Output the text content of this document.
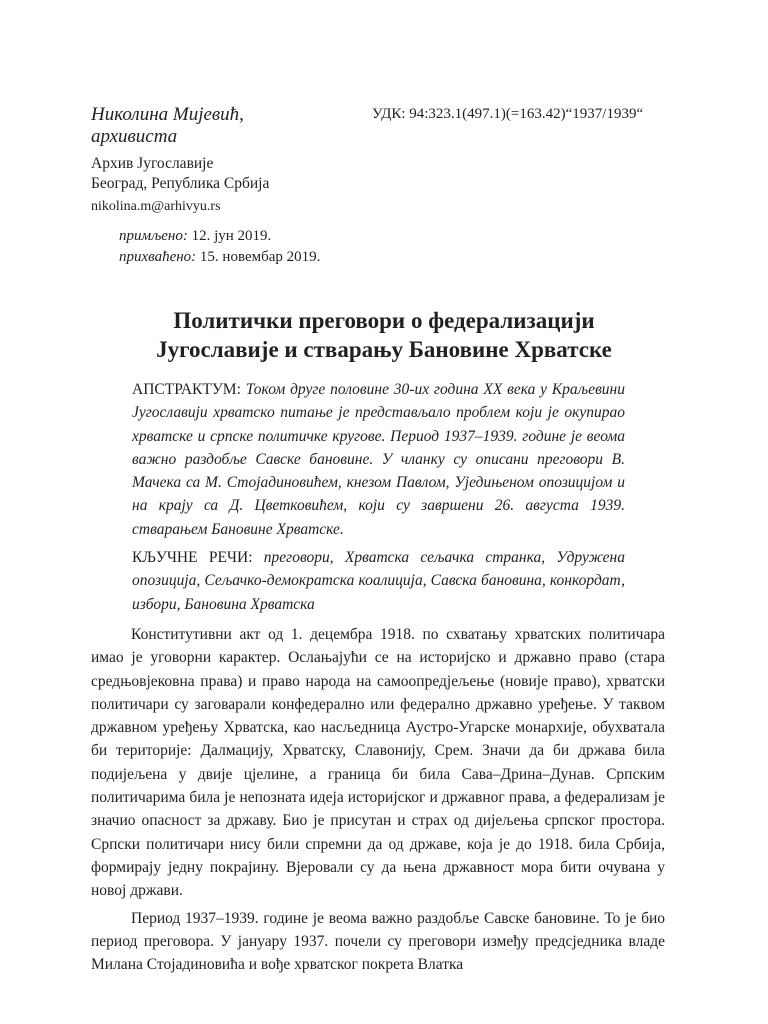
Николина Мијевић,
архивиста
УДК: 94:323.1(497.1)(=163.42)“1937/1939“
Архив Југославије
Београд, Република Србија
nikolina.m@arhivyu.rs
примљено: 12. јун 2019.
прихваћено: 15. новембар 2019.
Политички преговори о федерализацији
Југославије и стварању Бановине Хрватске
АПСТРАКТУМ: Током друге половине 30-их година XX века у Краљевини Југославији хрватско питање је представљало проблем који је окупирао хрватске и српске политичке кругове. Период 1937–1939. године је веома важно раздобље Савске бановине. У чланку су описани преговори В. Мачека са М. Стојадиновићем, кнезом Павлом, Уједињеном опозицијом и на крају са Д. Цветковићем, који су завршени 26. августа 1939. стварањем Бановине Хрватске.
КЉУЧНЕ РЕЧИ: преговори, Хрватска сељачка странка, Удружена опозиција, Сељачко-демократска коалиција, Савска бановина, конкордат, избори, Бановина Хрватска

Конститутивни акт од 1. децембра 1918. по схватању хрватских политичара имао је уговорни карактер. Ослањајући се на историјско и државно право (стара средњовјековна права) и право народа на самоопредјељење (новије право), хрватски политичари су заговарали конфедерално или федерално државно уређење. У таквом државном уређењу Хрватска, као насљедница Аустро-Угарске монархије, обухватала би територије: Далмацију, Хрватску, Славонију, Срем. Значи да би држава била подијељена у двије цјелине, а граница би била Сава–Дрина–Дунав. Српским политичарима била је непозната идеја историјског и државног права, а федерализам је значио опасност за државу. Био је присутан и страх од дијељења српског простора. Српски политичари нису били спремни да од државе, која је до 1918. била Србија, формирају једну покрајину. Вјеровали су да њена државност мора бити очувана у новој држави.

Период 1937–1939. године је веома важно раздобље Савске бановине. То је био период преговора. У јануару 1937. почели су преговори између предсједника владе Милана Стојадиновића и вође хрватског покрета Влатка
